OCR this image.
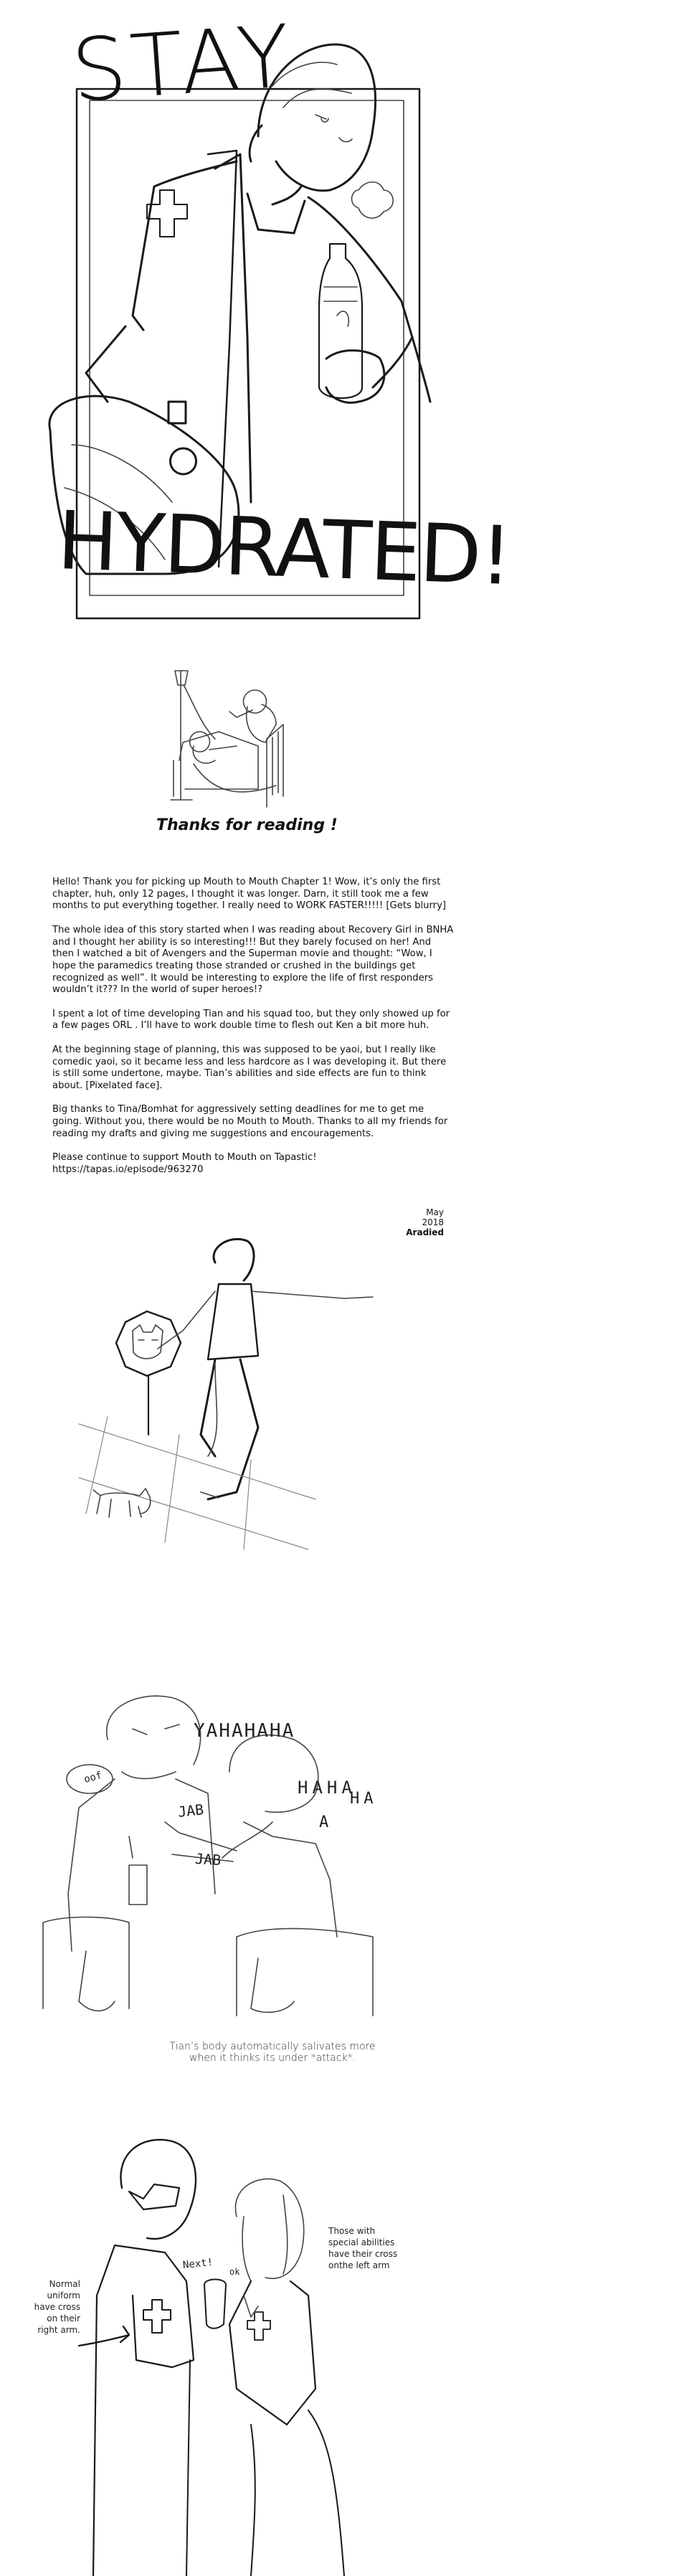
STAY
HYDRATED!
Thanks for reading !

Hello! Thank you for picking up Mouth to Mouth Chapter 1! Wow, it’s only the first chapter, huh, only 12 pages, I thought it was longer. Darn, it still took me a few months to put everything together. I really need to WORK FASTER!!!!! [Gets blurry]

The whole idea of this story started when I was reading about Recovery Girl in BNHA and I thought her ability is so interesting!!! But they barely focused on her! And then I watched a bit of Avengers and the Superman movie and thought: “Wow, I hope the paramedics treating those stranded or crushed in the buildings get recognized as well”. It would be interesting to explore the life of first responders wouldn’t it??? In the world of super heroes!?

I spent a lot of time developing Tian and his squad too, but they only showed up for a few pages ORL . I’ll have to work double time to flesh out Ken a bit more huh.

At the beginning stage of planning, this was supposed to be yaoi, but I really like comedic yaoi, so it became less and less hardcore as I was developing it. But there is still some undertone, maybe. Tian’s abilities and side effects are fun to think about. [Pixelated face].

Big thanks to Tina/Bomhat for aggressively setting deadlines for me to get me going. Without you, there would be no Mouth to Mouth. Thanks to all my friends for reading my drafts and giving me suggestions and encouragements.

Please continue to support Mouth to Mouth on Tapastic!
https://tapas.io/episode/963270

May 2018
Aradied
oof
YAHAHAHA
HAHA
HA
A
JAB
JAB
Tian’s body automatically salivates more
when it thinks its under *attack*.
Next!
ok
Normal
uniform
have cross
on their
right arm.
Those with
special abilities
have their cross
onthe left arm
